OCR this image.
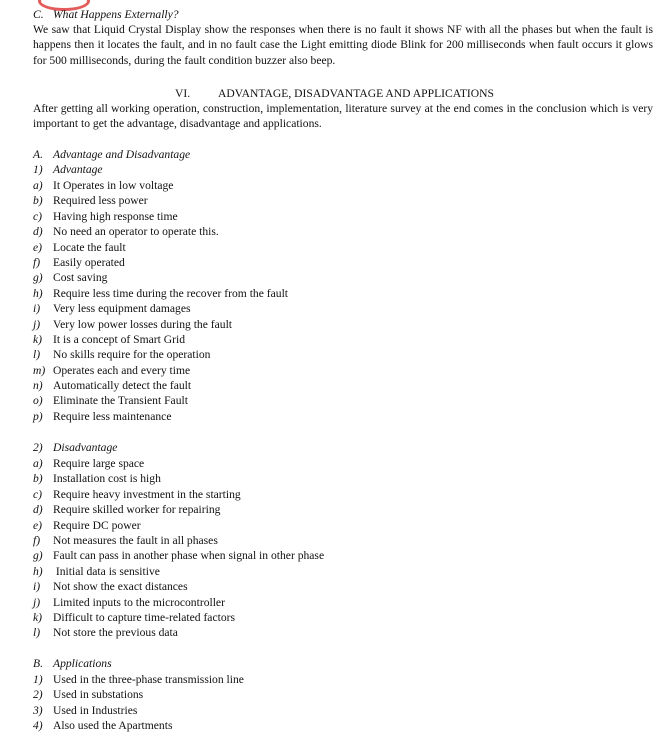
C. What Happens Externally?
We saw that Liquid Crystal Display show the responses when there is no fault it shows NF with all the phases but when the fault is happens then it locates the fault, and in no fault case the Light emitting diode Blink for 200 milliseconds when fault occurs it glows for 500 milliseconds, during the fault condition buzzer also beep.
VI. ADVANTAGE, DISADVANTAGE AND APPLICATIONS
After getting all working operation, construction, implementation, literature survey at the end comes in the conclusion which is very important to get the advantage, disadvantage and applications.
A. Advantage and Disadvantage
1) Advantage
a) It Operates in low voltage
b) Required less power
c) Having high response time
d) No need an operator to operate this.
e) Locate the fault
f) Easily operated
g) Cost saving
h) Require less time during the recover from the fault
i) Very less equipment damages
j) Very low power losses during the fault
k) It is a concept of Smart Grid
l) No skills require for the operation
m) Operates each and every time
n) Automatically detect the fault
o) Eliminate the Transient Fault
p) Require less maintenance
2) Disadvantage
a) Require large space
b) Installation cost is high
c) Require heavy investment in the starting
d) Require skilled worker for repairing
e) Require DC power
f) Not measures the fault in all phases
g) Fault can pass in another phase when signal in other phase
h) Initial data is sensitive
i) Not show the exact distances
j) Limited inputs to the microcontroller
k) Difficult to capture time-related factors
l) Not store the previous data
B. Applications
1) Used in the three-phase transmission line
2) Used in substations
3) Used in Industries
4) Also used the Apartments
